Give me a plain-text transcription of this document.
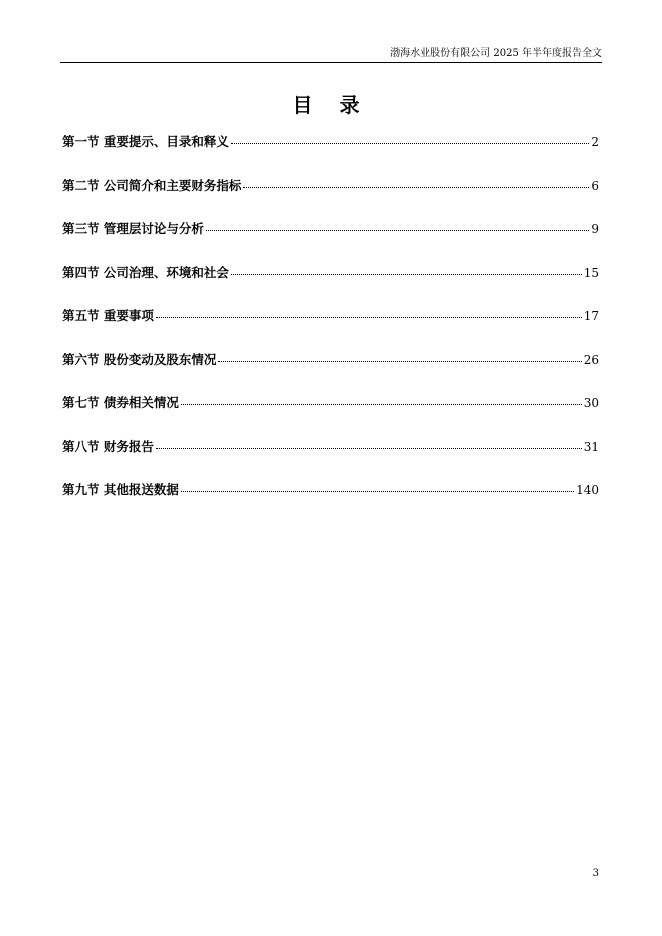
渤海水业股份有限公司 2025 年半年度报告全文
目 录
第一节 重要提示、目录和释义	2
第二节 公司简介和主要财务指标	6
第三节 管理层讨论与分析	9
第四节 公司治理、环境和社会	15
第五节 重要事项	17
第六节 股份变动及股东情况	26
第七节 债券相关情况	30
第八节 财务报告	31
第九节 其他报送数据	140
3
